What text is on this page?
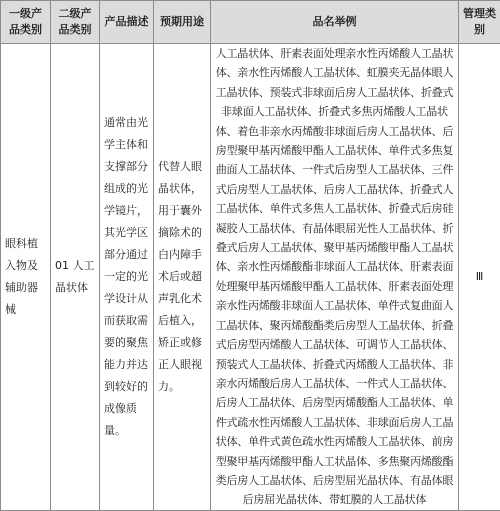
一级产品类别	二级产品类别	产品描述	预期用途	品名举例	管理类别
眼科植入物及辅助器械	01 人工晶状体	通常由光学主体和支撑部分组成的光学镜片，其光学区部分通过一定的光学设计从而获取需要的聚焦能力并达到较好的成像质量。	代替人眼晶状体，用于囊外摘除术的白内障手术后或超声乳化术后植入，矫正或修正人眼视力。	人工晶状体、肝素表面处理亲水性丙烯酸人工晶状体、亲水性丙烯酸人工晶状体、虹膜夹无晶体眼人工晶状体、预装式非球面后房人工晶状体、折叠式非球面人工晶状体、折叠式多焦丙烯酸人工晶状体、着色非亲水丙烯酸非球面后房人工晶状体、后房型聚甲基丙烯酸甲酯人工晶状体、单件式多焦复曲面人工晶状体、一件式后房型人工晶状体、三件式后房型人工晶状体、后房人工晶状体、折叠式人工晶状体、单件式多焦人工晶状体、折叠式后房硅凝胶人工晶状体、有晶体眼屈光性人工晶状体、折叠式后房人工晶状体、聚甲基丙烯酸甲酯人工晶状体、亲水性丙烯酸酯非球面人工晶状体、肝素表面处理聚甲基丙烯酸甲酯人工晶状体、肝素表面处理亲水性丙烯酸非球面人工晶状体、单件式复曲面人工晶状体、聚丙烯酸酯类后房型人工晶状体、折叠式后房型丙烯酸人工晶状体、可调节人工晶状体、预装式人工晶状体、折叠式丙烯酸人工晶状体、非亲水丙烯酸后房人工晶状体、一件式人工晶状体、后房人工晶状体、后房型丙烯酸酯人工晶状体、单件式疏水性丙烯酸人工晶状体、非球面后房人工晶状体、单件式黄色疏水性丙烯酸人工晶状体、前房型聚甲基丙烯酸甲酯人工状晶体、多焦聚丙烯酸酯类后房人工晶状体、后房型屈光晶状体、有晶体眼后房屈光晶状体、带虹膜的人工晶状体	Ⅲ
